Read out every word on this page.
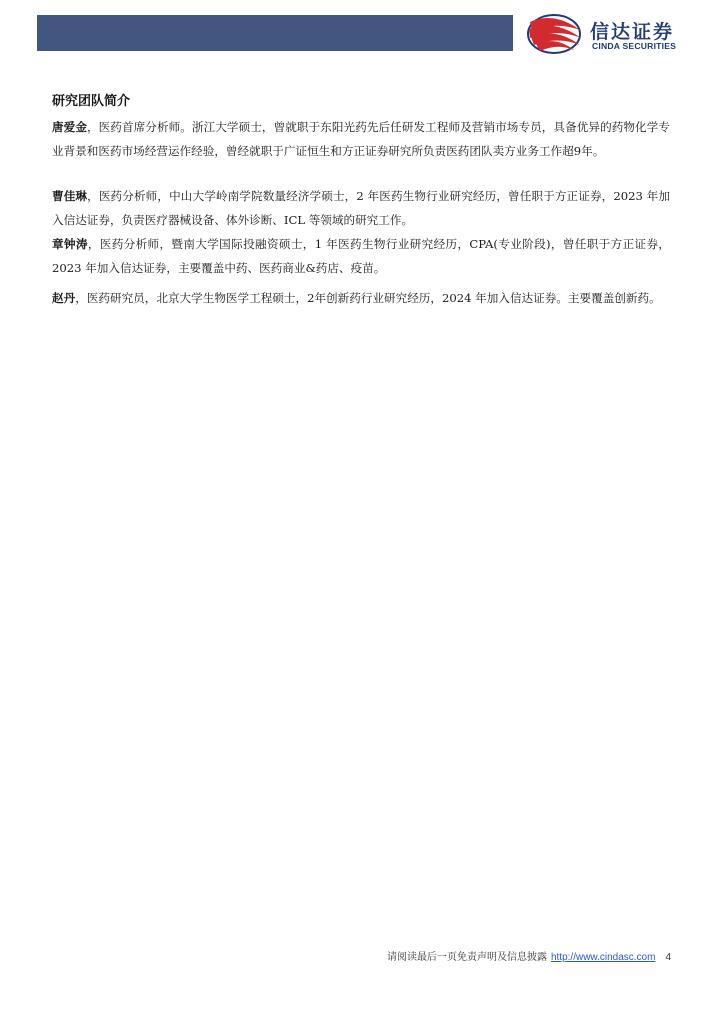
信达证券
CINDA SECURITIES
研究团队简介

唐爱金，医药首席分析师。浙江大学硕士，曾就职于东阳光药先后任研发工程师及营销市场专员，具备优异的药物化学专业背景和医药市场经营运作经验，曾经就职于广证恒生和方正证券研究所负责医药团队卖方业务工作超9年。

曹佳琳，医药分析师，中山大学岭南学院数量经济学硕士，2 年医药生物行业研究经历，曾任职于方正证券，2023 年加入信达证券，负责医疗器械设备、体外诊断、ICL 等领域的研究工作。

章钟涛，医药分析师，暨南大学国际投融资硕士，1 年医药生物行业研究经历，CPA(专业阶段)，曾任职于方正证券，2023 年加入信达证券，主要覆盖中药、医药商业&药店、疫苗。

赵丹，医药研究员，北京大学生物医学工程硕士，2年创新药行业研究经历，2024 年加入信达证券。主要覆盖创新药。

请阅读最后一页免责声明及信息披露 http://www.cindasc.com 4
